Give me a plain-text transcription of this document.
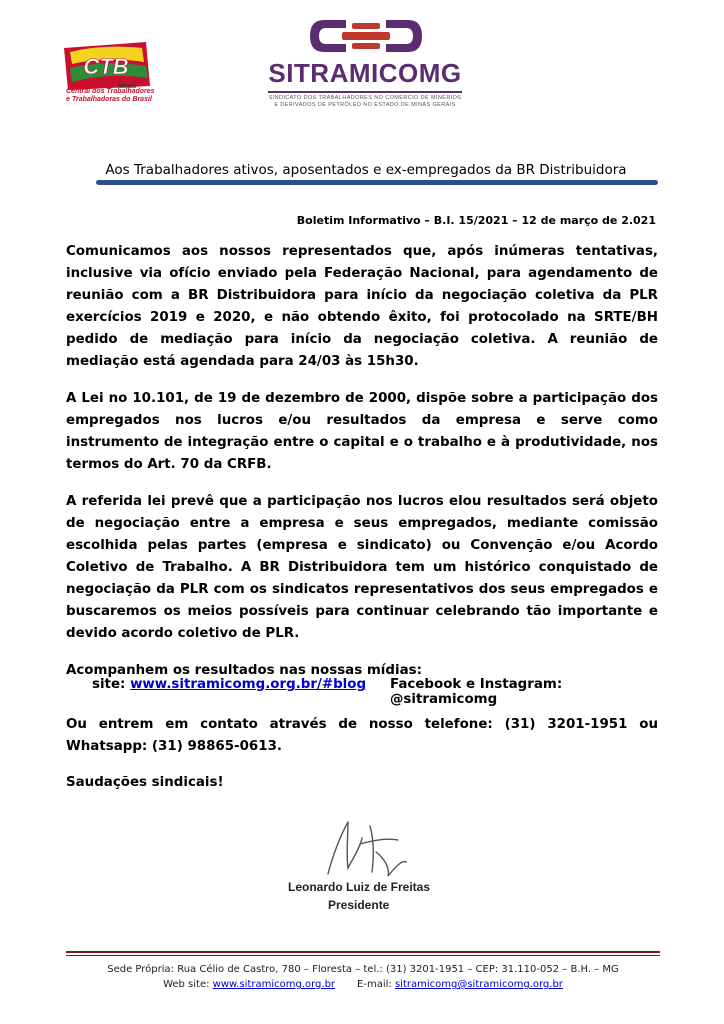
CTB
Minas
Central dos Trabalhadores
e Trabalhadoras do Brasil
SITRAMICOMG
SINDICATO DOS TRABALHADORES NO COMÉRCIO DE MINÉRIOS
E DERIVADOS DE PETRÓLEO NO ESTADO DE MINAS GERAIS
Aos Trabalhadores ativos, aposentados e ex-empregados da BR Distribuidora
Boletim Informativo – B.I. 15/2021 – 12 de março de 2.021

Comunicamos aos nossos representados que, após inúmeras tentativas, inclusive via ofício enviado pela Federação Nacional, para agendamento de reunião com a BR Distribuidora para início da negociação coletiva da PLR exercícios 2019 e 2020, e não obtendo êxito, foi protocolado na SRTE/BH pedido de mediação para início da negociação coletiva. A reunião de mediação está agendada para 24/03 às 15h30.

A Lei no 10.101, de 19 de dezembro de 2000, dispõe sobre a participação dos empregados nos lucros e/ou resultados da empresa e serve como instrumento de integração entre o capital e o trabalho e à produtividade, nos termos do Art. 70 da CRFB.

A referida lei prevê que a participação nos lucros elou resultados será objeto de negociação entre a empresa e seus empregados, mediante comissão escolhida pelas partes (empresa e sindicato) ou Convenção e/ou Acordo Coletivo de Trabalho. A BR Distribuidora tem um histórico conquistado de negociação da PLR com os sindicatos representativos dos seus empregados e buscaremos os meios possíveis para continuar celebrando tão importante e devido acordo coletivo de PLR.

Acompanhem os resultados nas nossas mídias:

site: www.sitramicomg.org.br/#blog Facebook e Instagram: @sitramicomg

Ou entrem em contato através de nosso telefone: (31) 3201-1951 ou Whatsapp: (31) 98865-0613.

Saudações sindicais!

Leonardo Luiz de Freitas
Presidente
Sede Própria: Rua Célio de Castro, 780 – Floresta – tel.: (31) 3201-1951 – CEP: 31.110-052 – B.H. – MG
Web site: www.sitramicomg.org.br E-mail: sitramicomg@sitramicomg.org.br
